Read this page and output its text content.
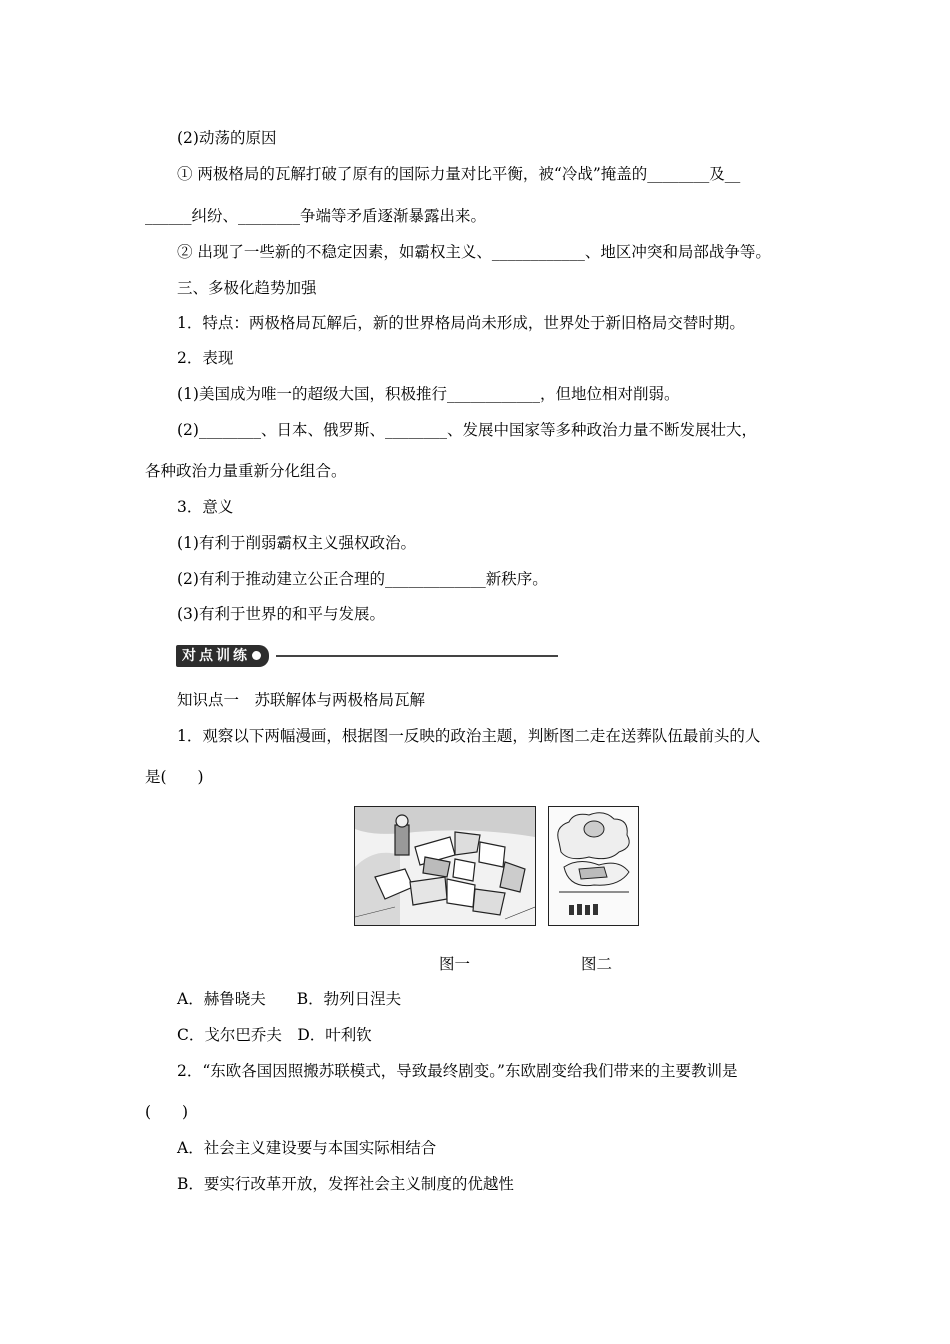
(2)动荡的原因
① 两极格局的瓦解打破了原有的国际力量对比平衡，被“冷战”掩盖的________及__
______纠纷、________争端等矛盾逐渐暴露出来。
② 出现了一些新的不稳定因素，如霸权主义、____________、地区冲突和局部战争等。
三、多极化趋势加强
1．特点：两极格局瓦解后，新的世界格局尚未形成，世界处于新旧格局交替时期。
2．表现
(1)美国成为唯一的超级大国，积极推行____________，但地位相对削弱。
(2)________、日本、俄罗斯、________、发展中国家等多种政治力量不断发展壮大，
各种政治力量重新分化组合。
3．意义
(1)有利于削弱霸权主义强权政治。
(2)有利于推动建立公正合理的_____________新秩序。
(3)有利于世界的和平与发展。
对点训练
知识点一　苏联解体与两极格局瓦解
1．观察以下两幅漫画，根据图一反映的政治主题，判断图二走在送葬队伍最前头的人
是(　　)
图一	图二
A．赫鲁晓夫　　B．勃列日涅夫
C．戈尔巴乔夫　D．叶利钦
2．“东欧各国因照搬苏联模式，导致最终剧变。”东欧剧变给我们带来的主要教训是
(　　)
A．社会主义建设要与本国实际相结合
B．要实行改革开放，发挥社会主义制度的优越性
